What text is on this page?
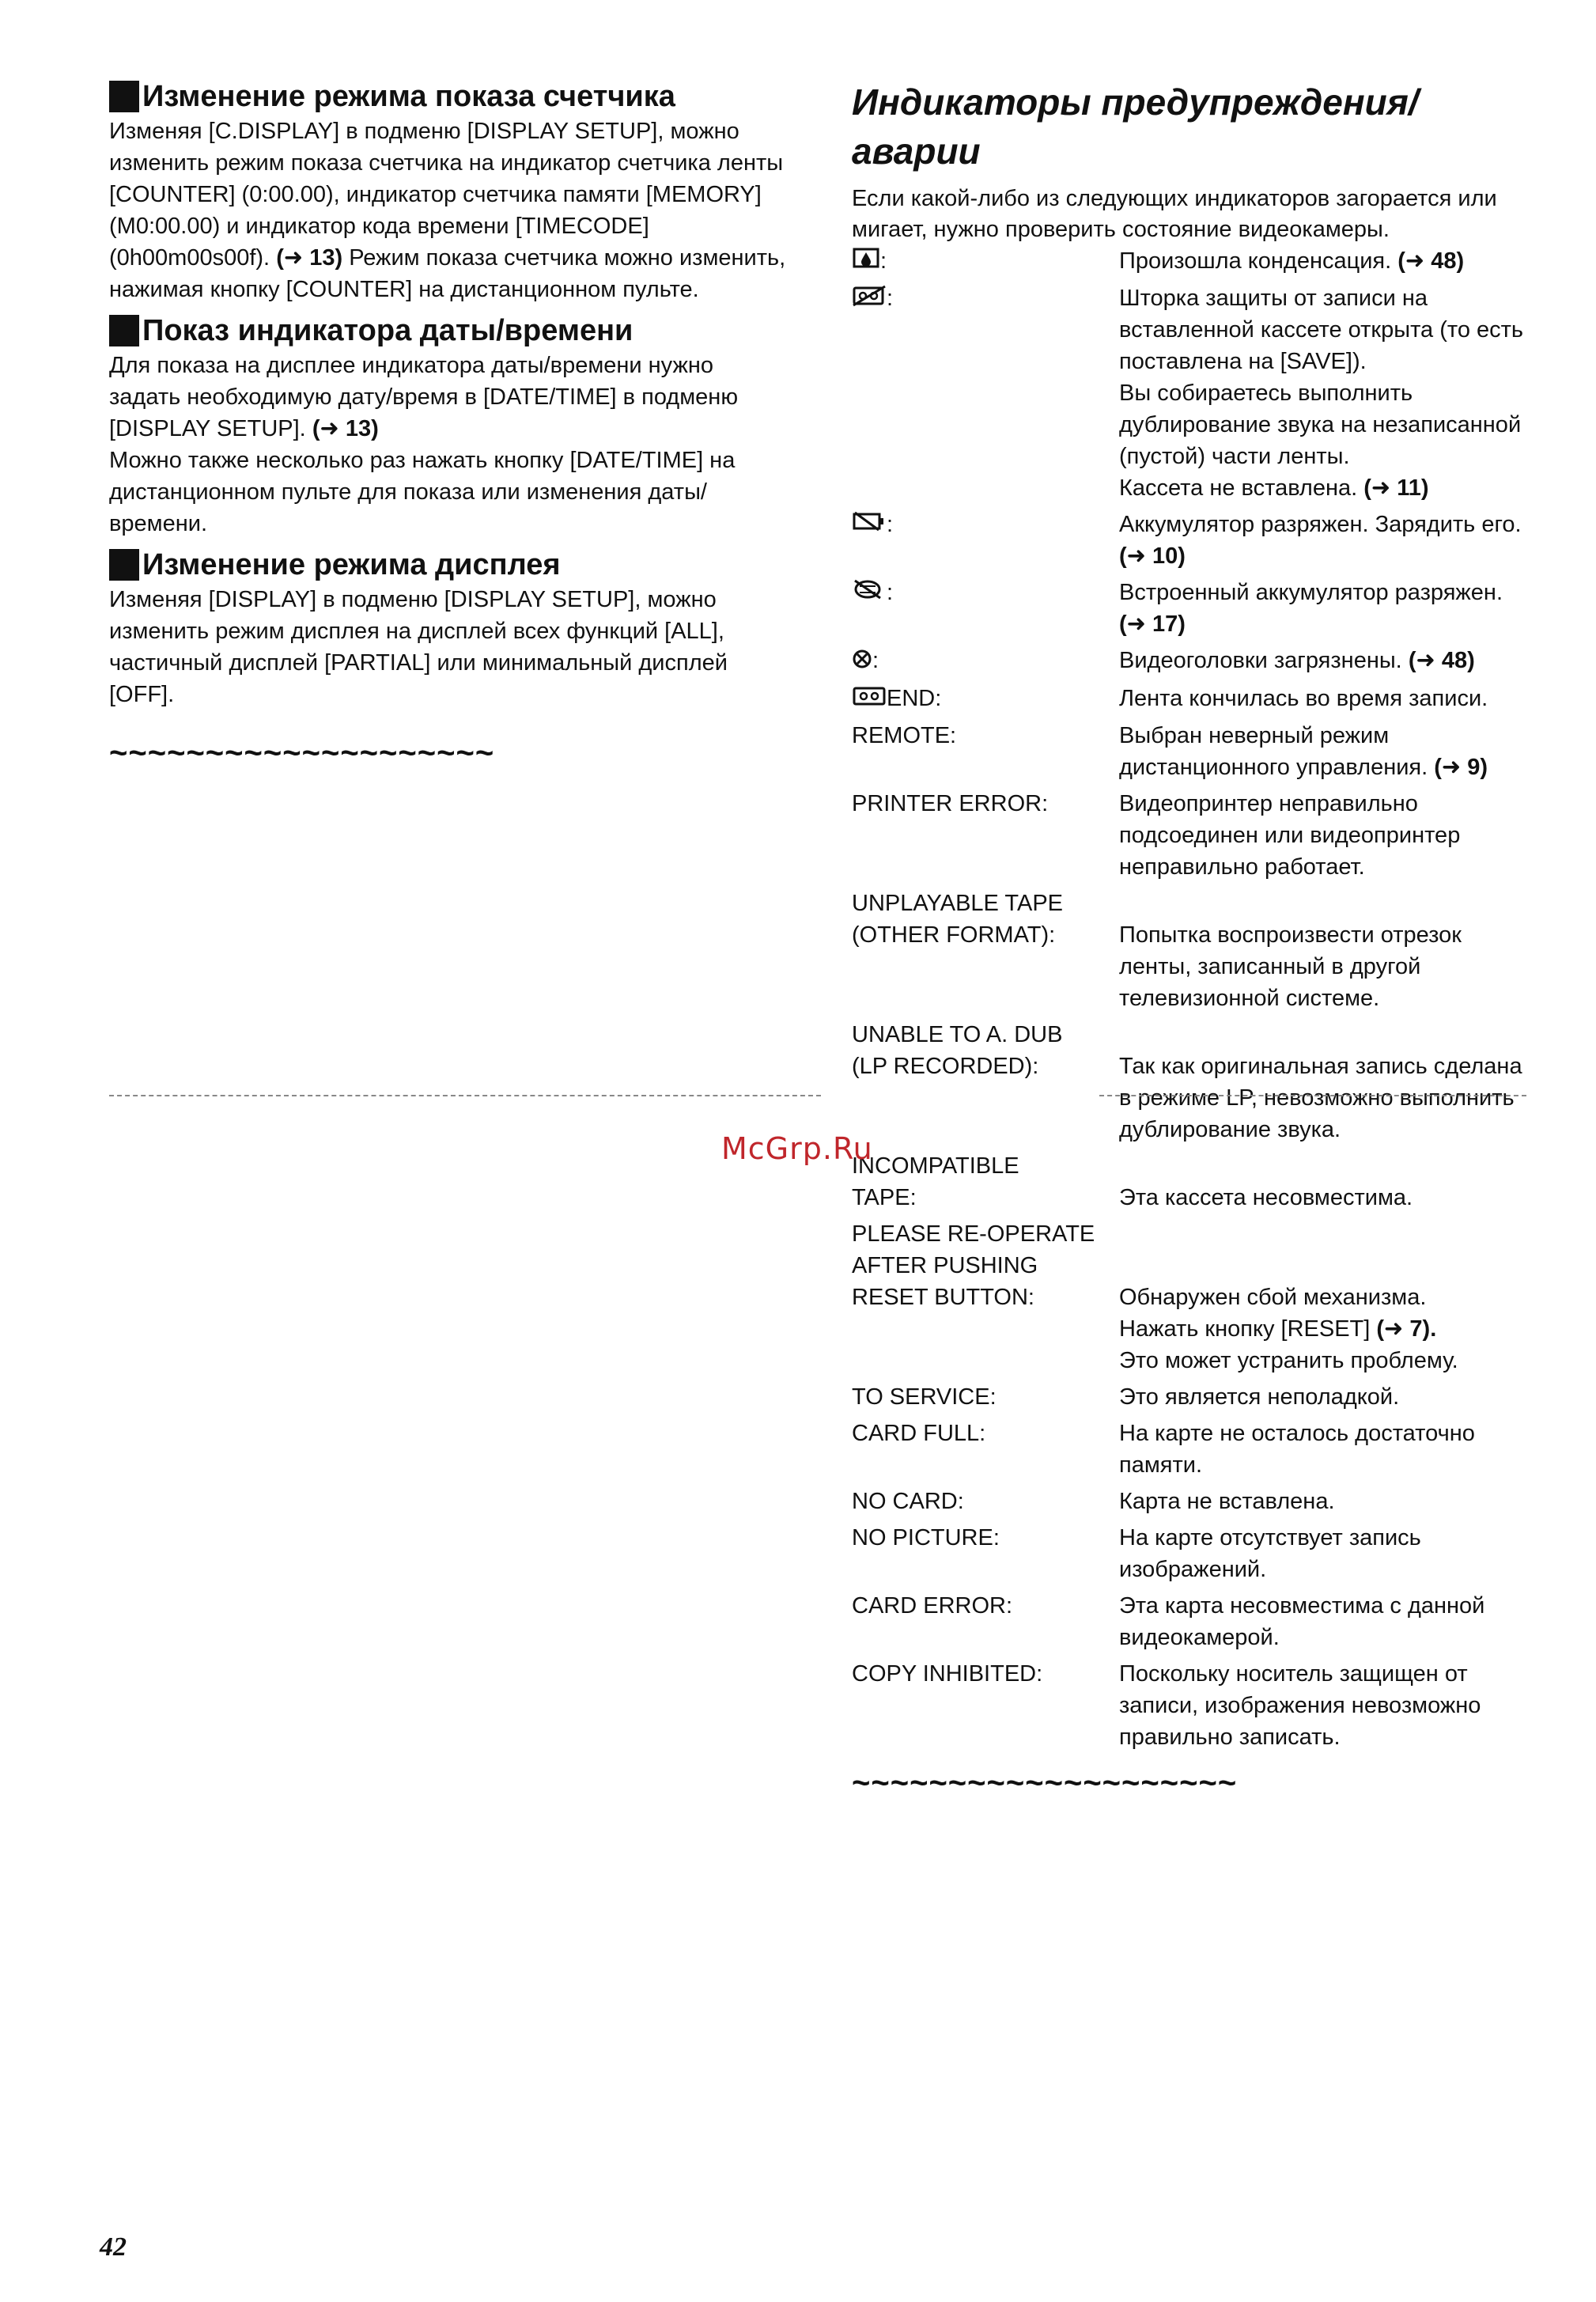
Изменение режима показа счетчика

Изменяя [C.DISPLAY] в подменю [DISPLAY SETUP], можно изменить режим показа счетчика на индикатор счетчика ленты [COUNTER] (0:00.00), индикатор счетчика памяти [MEMORY] (M0:00.00) и индикатор кода времени [TIMECODE] (0h00m00s00f). (➜ 13) Режим показа счетчика можно изменить, нажимая кнопку [COUNTER] на дистанционном пульте.

Показ индикатора даты/времени

Для показа на дисплее индикатора даты/времени нужно задать необходимую дату/время в [DATE/TIME] в подменю [DISPLAY SETUP]. (➜ 13)

Можно также несколько раз нажать кнопку [DATE/TIME] на дистанционном пульте для показа или изменения даты/времени.

Изменение режима дисплея

Изменяя [DISPLAY] в подменю [DISPLAY SETUP], можно изменить режим дисплея на дисплей всех функций [ALL], частичный дисплей [PARTIAL] или минимальный дисплей [OFF].

~~~~~~~~~~~~~~~~~~~~
Индикаторы предупреждения/ аварии

Если какой-либо из следующих индикаторов загорается или мигает, нужно проверить состояние видеокамеры.

:	Произошла конденсация. (➜ 48)
:	Шторка защиты от записи на вставленной кассете открыта (то есть поставлена на [SAVE]).
Вы собираетесь выполнить дублирование звука на незаписанной (пустой) части ленты.
Кассета не вставлена. (➜ 11)
:	Аккумулятор разряжен. Зарядить его. (➜ 10)
:	Встроенный аккумулятор разряжен. (➜ 17)
:	Видеоголовки загрязнены. (➜ 48)
END:	Лента кончилась во время записи.
REMOTE:	Выбран неверный режим дистанционного управления. (➜ 9)
PRINTER ERROR:	Видеопринтер неправильно подсоединен или видеопринтер неправильно работает.
UNPLAYABLE TAPE
(OTHER FORMAT):	Попытка воспроизвести отрезок ленты, записанный в другой телевизионной системе.
UNABLE TO A. DUB
(LP RECORDED):	Так как оригинальная запись сделана в режиме LP, невозможно выполнить дублирование звука.
INCOMPATIBLE
TAPE:	Эта кассета несовместима.
PLEASE RE-OPERATE
AFTER PUSHING
RESET BUTTON:	Обнаружен сбой механизма.
Нажать кнопку [RESET] (➜ 7).
Это может устранить проблему.
TO SERVICE:	Это является неполадкой.
CARD FULL:	На карте не осталось достаточно памяти.
NO CARD:	Карта не вставлена.
NO PICTURE:	На карте отсутствует запись изображений.
CARD ERROR:	Эта карта несовместима с данной видеокамерой.
COPY INHIBITED:	Поскольку носитель защищен от записи, изображения невозможно правильно записать.
~~~~~~~~~~~~~~~~~~~~
McGrp.Ru
42
